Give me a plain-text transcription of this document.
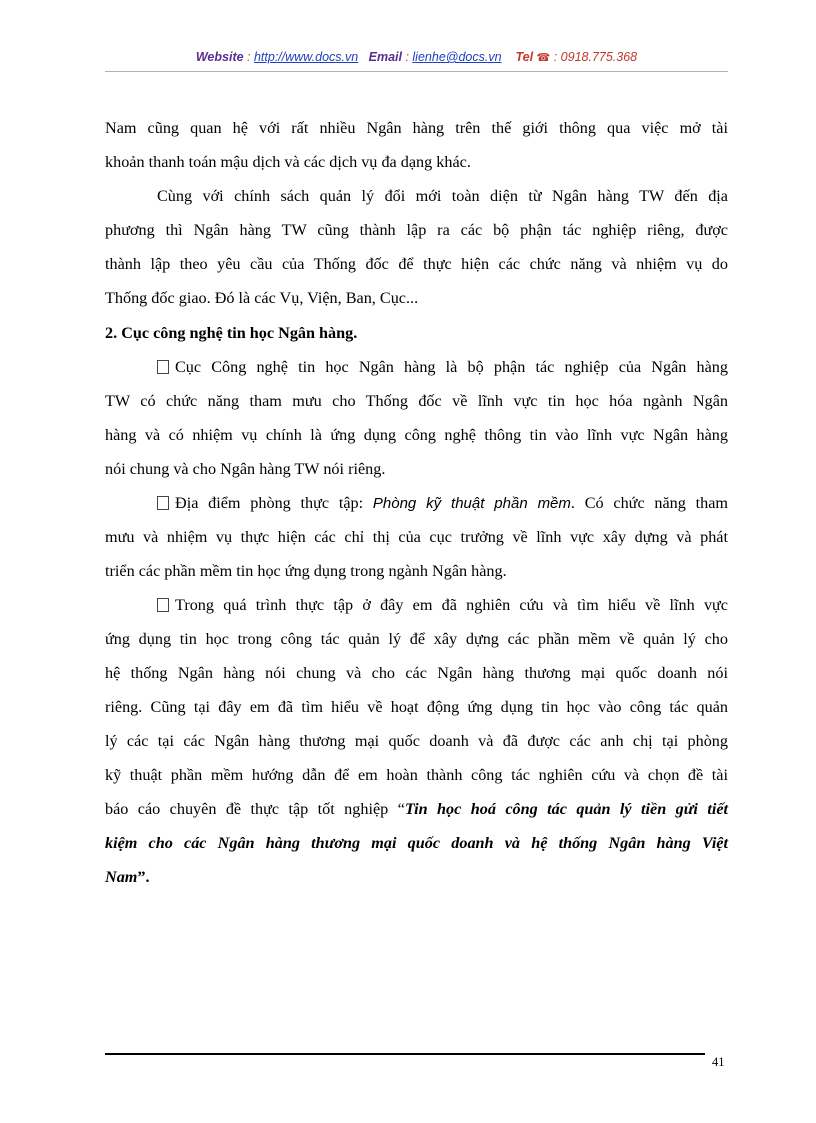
Website : http://www.docs.vn Email : lienhe@docs.vn Tel ☎ : 0918.775.368
Nam cũng quan hệ với rất nhiều Ngân hàng trên thế giới thông qua việc mở tài
khoản thanh toán mậu dịch và các dịch vụ đa dạng khác.
Cùng với chính sách quản lý đổi mới toàn diện từ Ngân hàng TW đến địa
phương thì Ngân hàng TW cũng thành lập ra các bộ phận tác nghiệp riêng, được
thành lập theo yêu cầu của Thống đốc để thực hiện các chức năng và nhiệm vụ do
Thống đốc giao. Đó là các Vụ, Viện, Ban, Cục...
2. Cục công nghệ tin học Ngân hàng.
Cục Công nghệ tin học Ngân hàng là bộ phận tác nghiệp của Ngân hàng
TW có chức năng tham mưu cho Thống đốc về lĩnh vực tin học hóa ngành Ngân
hàng và có nhiệm vụ chính là ứng dụng công nghệ thông tin vào lĩnh vực Ngân hàng
nói chung và cho Ngân hàng TW nói riêng.
Địa điểm phòng thực tập: Phòng kỹ thuật phần mềm. Có chức năng tham
mưu và nhiệm vụ thực hiện các chỉ thị của cục trưởng về lĩnh vực xây dựng và phát
triển các phần mềm tin học ứng dụng trong ngành Ngân hàng.
Trong quá trình thực tập ở đây em đã nghiên cứu và tìm hiểu về lĩnh vực
ứng dụng tin học trong công tác quản lý để xây dựng các phần mềm về quản lý cho
hệ thống Ngân hàng nói chung và cho các Ngân hàng thương mại quốc doanh nói
riêng. Cũng tại đây em đã tìm hiểu về hoạt động ứng dụng tin học vào công tác quản
lý các tại các Ngân hàng thương mại quốc doanh và đã được các anh chị tại phòng
kỹ thuật phần mềm hướng dẫn để em hoàn thành công tác nghiên cứu và chọn đề tài
báo cáo chuyên đề thực tập tốt nghiệp “Tin học hoá công tác quản lý tiền gửi tiết
kiệm cho các Ngân hàng thương mại quốc doanh và hệ thống Ngân hàng Việt
Nam”.
41
